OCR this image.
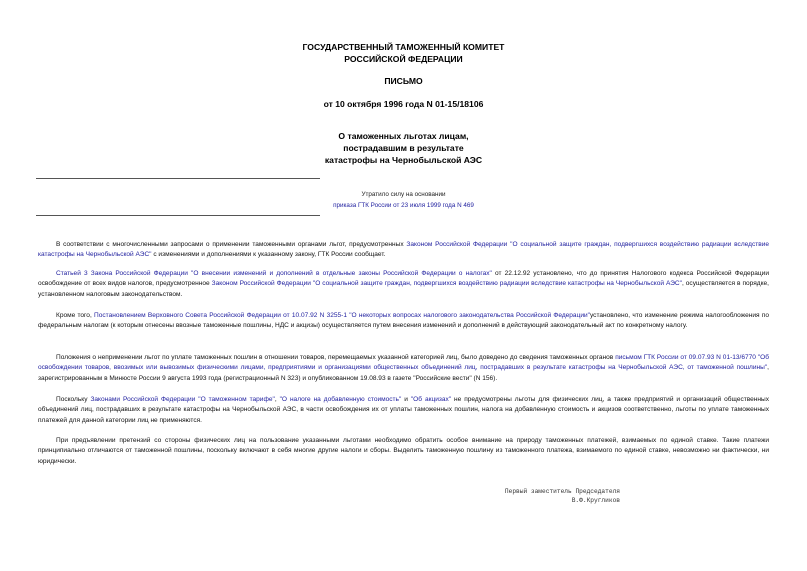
ГОСУДАРСТВЕННЫЙ ТАМОЖЕННЫЙ КОМИТЕТ
РОССИЙСКОЙ ФЕДЕРАЦИИ
ПИСЬМО
от 10 октября 1996 года N 01-15/18106
О таможенных льготах лицам,
пострадавшим в результате
катастрофы на Чернобыльской АЭС
Утратило силу на основании
приказа ГТК России от 23 июля 1999 года N 469
В соответствии с многочисленными запросами о применении таможенными органами льгот, предусмотренных Законом Российской Федерации "О социальной защите граждан, подвергшихся воздействию радиации вследствие катастрофы на Чернобыльской АЭС" с изменениями и дополнениями к указанному закону, ГТК России сообщает.
Статьей 3 Закона Российской Федерации "О внесении изменений и дополнений в отдельные законы Российской Федерации о налогах" от 22.12.92 установлено, что до принятия Налогового кодекса Российской Федерации освобождение от всех видов налогов, предусмотренное Законом Российской Федерации "О социальной защите граждан, подвергшихся воздействию радиации вследствие катастрофы на Чернобыльской АЭС", осуществляется в порядке, установленном налоговым законодательством.
Кроме того, Постановлением Верховного Совета Российской Федерации от 10.07.92 N 3255-1 "О некоторых вопросах налогового законодательства Российской Федерации"установлено, что изменение режима налогообложения по федеральным налогам (к которым отнесены ввозные таможенные пошлины, НДС и акцизы) осуществляется путем внесения изменений и дополнений в действующий законодательный акт по конкретному налогу.
Положения о неприменении льгот по уплате таможенных пошлин в отношении товаров, перемещаемых указанной категорией лиц, было доведено до сведения таможенных органов письмом ГТК России от 09.07.93 N 01-13/6770 "Об освобождении товаров, ввозимых или вывозимых физическими лицами, предприятиями и организациями общественных объединений лиц, пострадавших в результате катастрофы на Чернобыльской АЭС, от таможенной пошлины", зарегистрированным в Минюсте России 9 августа 1993 года (регистрационный N 323) и опубликованном 19.08.93 в газете "Российские вести" (N 156).
Поскольку Законами Российской Федерации "О таможенном тарифе", "О налоге на добавленную стоимость" и "Об акцизах" не предусмотрены льготы для физических лиц, а также предприятий и организаций общественных объединений лиц, пострадавших в результате катастрофы на Чернобыльской АЭС, в части освобождения их от уплаты таможенных пошлин, налога на добавленную стоимость и акцизов соответственно, льготы по уплате таможенных платежей для данной категории лиц не применяются.
При предъявлении претензий со стороны физических лиц на пользование указанными льготами необходимо обратить особое внимание на природу таможенных платежей, взимаемых по единой ставке. Такие платежи принципиально отличаются от таможенной пошлины, поскольку включают в себя многие другие налоги и сборы. Выделить таможенную пошлину из таможенного платежа, взимаемого по единой ставке, невозможно ни фактически, ни юридически.
Первый заместитель Председателя
В.Ф.Кругликов
